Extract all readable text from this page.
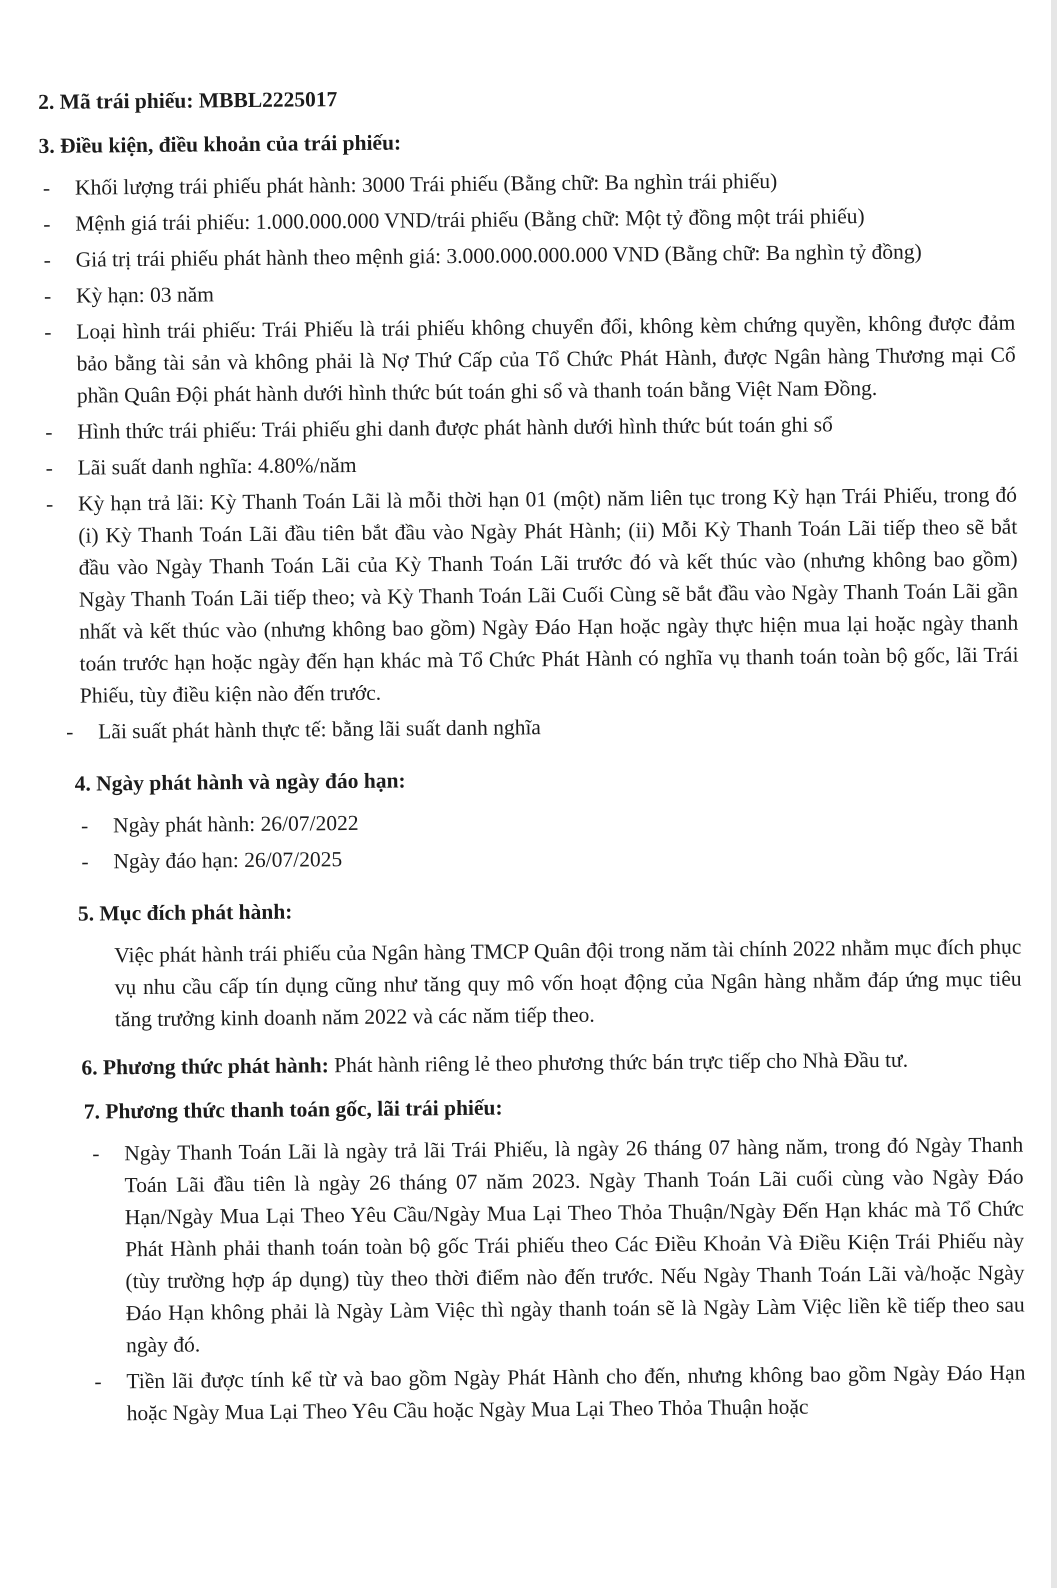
2. Mã trái phiếu: MBBL2225017

3. Điều kiện, điều khoản của trái phiếu:

- Khối lượng trái phiếu phát hành: 3000 Trái phiếu (Bằng chữ: Ba nghìn trái phiếu)
- Mệnh giá trái phiếu: 1.000.000.000 VND/trái phiếu (Bằng chữ: Một tỷ đồng một trái phiếu)
- Giá trị trái phiếu phát hành theo mệnh giá: 3.000.000.000.000 VND (Bằng chữ: Ba nghìn tỷ đồng)
- Kỳ hạn: 03 năm
- Loại hình trái phiếu: Trái Phiếu là trái phiếu không chuyển đổi, không kèm chứng quyền, không được đảm bảo bằng tài sản và không phải là Nợ Thứ Cấp của Tổ Chức Phát Hành, được Ngân hàng Thương mại Cổ phần Quân Đội phát hành dưới hình thức bút toán ghi sổ và thanh toán bằng Việt Nam Đồng.
- Hình thức trái phiếu: Trái phiếu ghi danh được phát hành dưới hình thức bút toán ghi sổ
- Lãi suất danh nghĩa: 4.80%/năm
- Kỳ hạn trả lãi: Kỳ Thanh Toán Lãi là mỗi thời hạn 01 (một) năm liên tục trong Kỳ hạn Trái Phiếu, trong đó (i) Kỳ Thanh Toán Lãi đầu tiên bắt đầu vào Ngày Phát Hành; (ii) Mỗi Kỳ Thanh Toán Lãi tiếp theo sẽ bắt đầu vào Ngày Thanh Toán Lãi của Kỳ Thanh Toán Lãi trước đó và kết thúc vào (nhưng không bao gồm) Ngày Thanh Toán Lãi tiếp theo; và Kỳ Thanh Toán Lãi Cuối Cùng sẽ bắt đầu vào Ngày Thanh Toán Lãi gần nhất và kết thúc vào (nhưng không bao gồm) Ngày Đáo Hạn hoặc ngày thực hiện mua lại hoặc ngày thanh toán trước hạn hoặc ngày đến hạn khác mà Tổ Chức Phát Hành có nghĩa vụ thanh toán toàn bộ gốc, lãi Trái Phiếu, tùy điều kiện nào đến trước.
- Lãi suất phát hành thực tế: bằng lãi suất danh nghĩa

4. Ngày phát hành và ngày đáo hạn:

- Ngày phát hành: 26/07/2022
- Ngày đáo hạn: 26/07/2025

5. Mục đích phát hành:

Việc phát hành trái phiếu của Ngân hàng TMCP Quân đội trong năm tài chính 2022 nhằm mục đích phục vụ nhu cầu cấp tín dụng cũng như tăng quy mô vốn hoạt động của Ngân hàng nhằm đáp ứng mục tiêu tăng trưởng kinh doanh năm 2022 và các năm tiếp theo.

6. Phương thức phát hành: Phát hành riêng lẻ theo phương thức bán trực tiếp cho Nhà Đầu tư.

7. Phương thức thanh toán gốc, lãi trái phiếu:

- Ngày Thanh Toán Lãi là ngày trả lãi Trái Phiếu, là ngày 26 tháng 07 hàng năm, trong đó Ngày Thanh Toán Lãi đầu tiên là ngày 26 tháng 07 năm 2023. Ngày Thanh Toán Lãi cuối cùng vào Ngày Đáo Hạn/Ngày Mua Lại Theo Yêu Cầu/Ngày Mua Lại Theo Thỏa Thuận/Ngày Đến Hạn khác mà Tổ Chức Phát Hành phải thanh toán toàn bộ gốc Trái phiếu theo Các Điều Khoản Và Điều Kiện Trái Phiếu này (tùy trường hợp áp dụng) tùy theo thời điểm nào đến trước. Nếu Ngày Thanh Toán Lãi và/hoặc Ngày Đáo Hạn không phải là Ngày Làm Việc thì ngày thanh toán sẽ là Ngày Làm Việc liền kề tiếp theo sau ngày đó.
- Tiền lãi được tính kể từ và bao gồm Ngày Phát Hành cho đến, nhưng không bao gồm Ngày Đáo Hạn hoặc Ngày Mua Lại Theo Yêu Cầu hoặc Ngày Mua Lại Theo Thỏa Thuận hoặc
